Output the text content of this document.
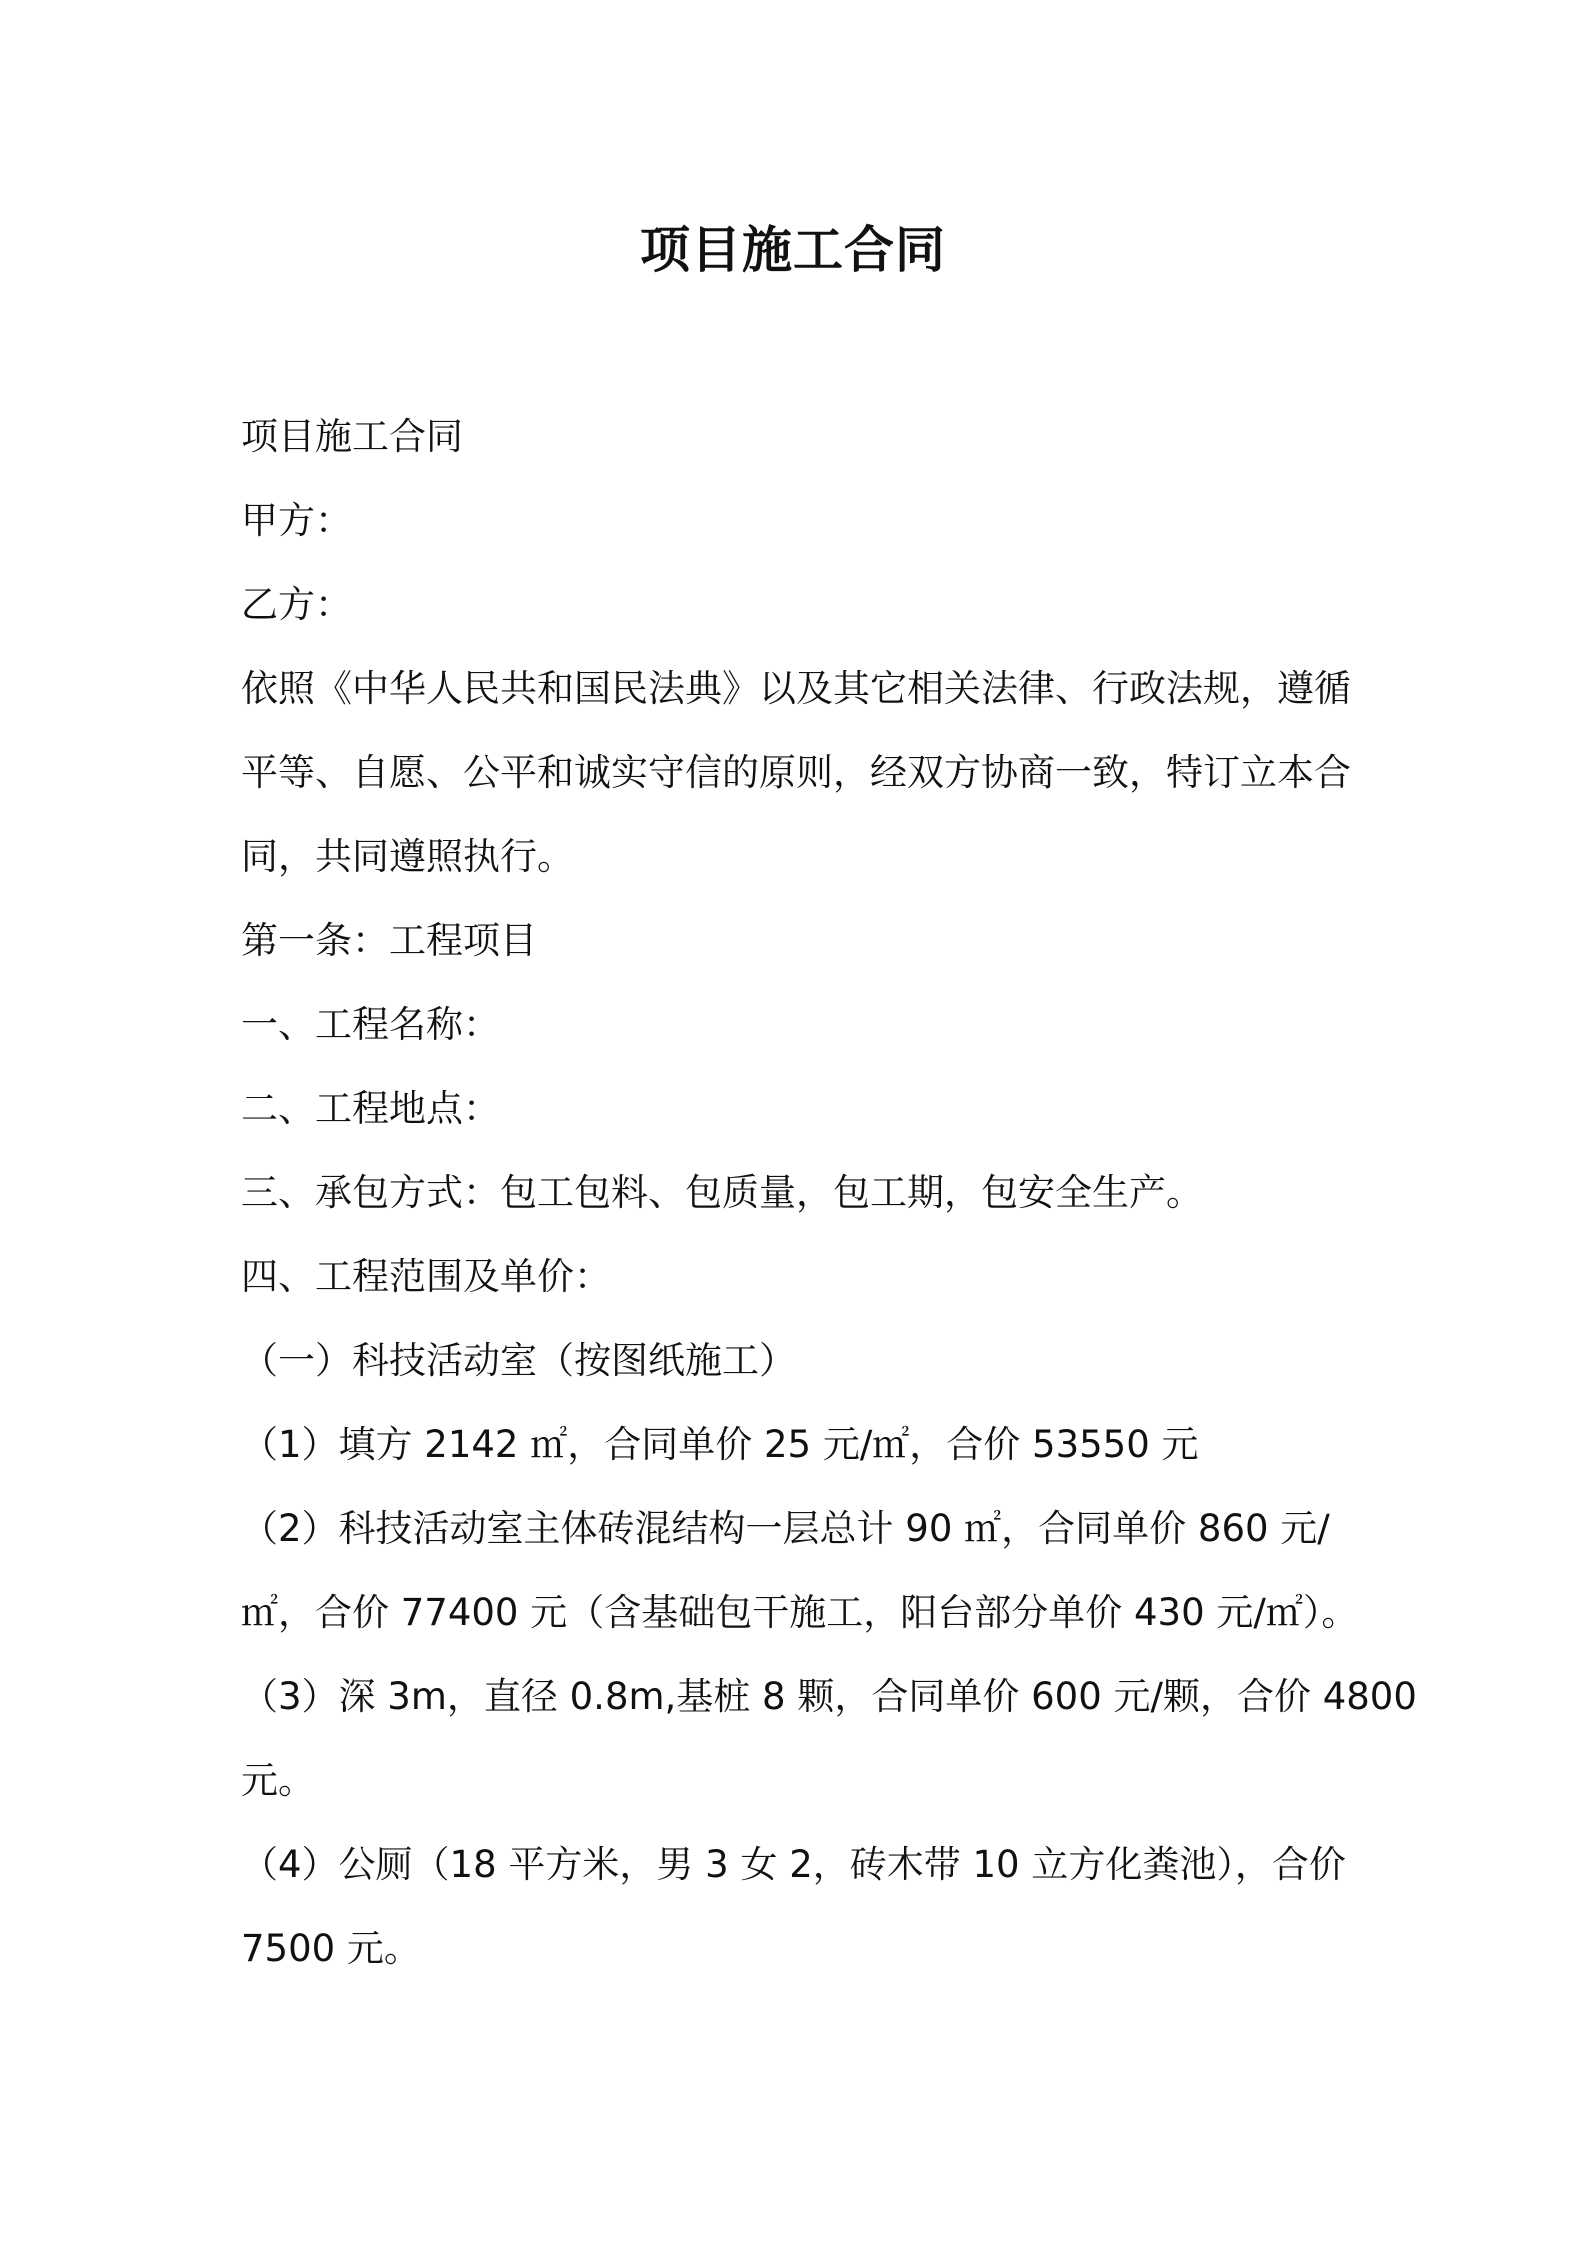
项目施工合同
项目施工合同
甲方：
乙方：
依照《中华人民共和国民法典》以及其它相关法律、行政法规，遵循
平等、自愿、公平和诚实守信的原则，经双方协商一致，特订立本合
同，共同遵照执行。
第一条：工程项目
一、工程名称：
二、工程地点：
三、承包方式：包工包料、包质量，包工期，包安全生产。
四、工程范围及单价：
（一）科技活动室（按图纸施工）
（1）填方 2142 ㎡，合同单价 25 元/㎡，合价 53550 元
（2）科技活动室主体砖混结构一层总计 90 ㎡，合同单价 860 元/
㎡，合价 77400 元（含基础包干施工，阳台部分单价 430 元/㎡）。
（3）深 3m，直径 0.8m,基桩 8 颗，合同单价 600 元/颗，合价 4800
元。
（4）公厕（18 平方米，男 3 女 2，砖木带 10 立方化粪池），合价
7500 元。
